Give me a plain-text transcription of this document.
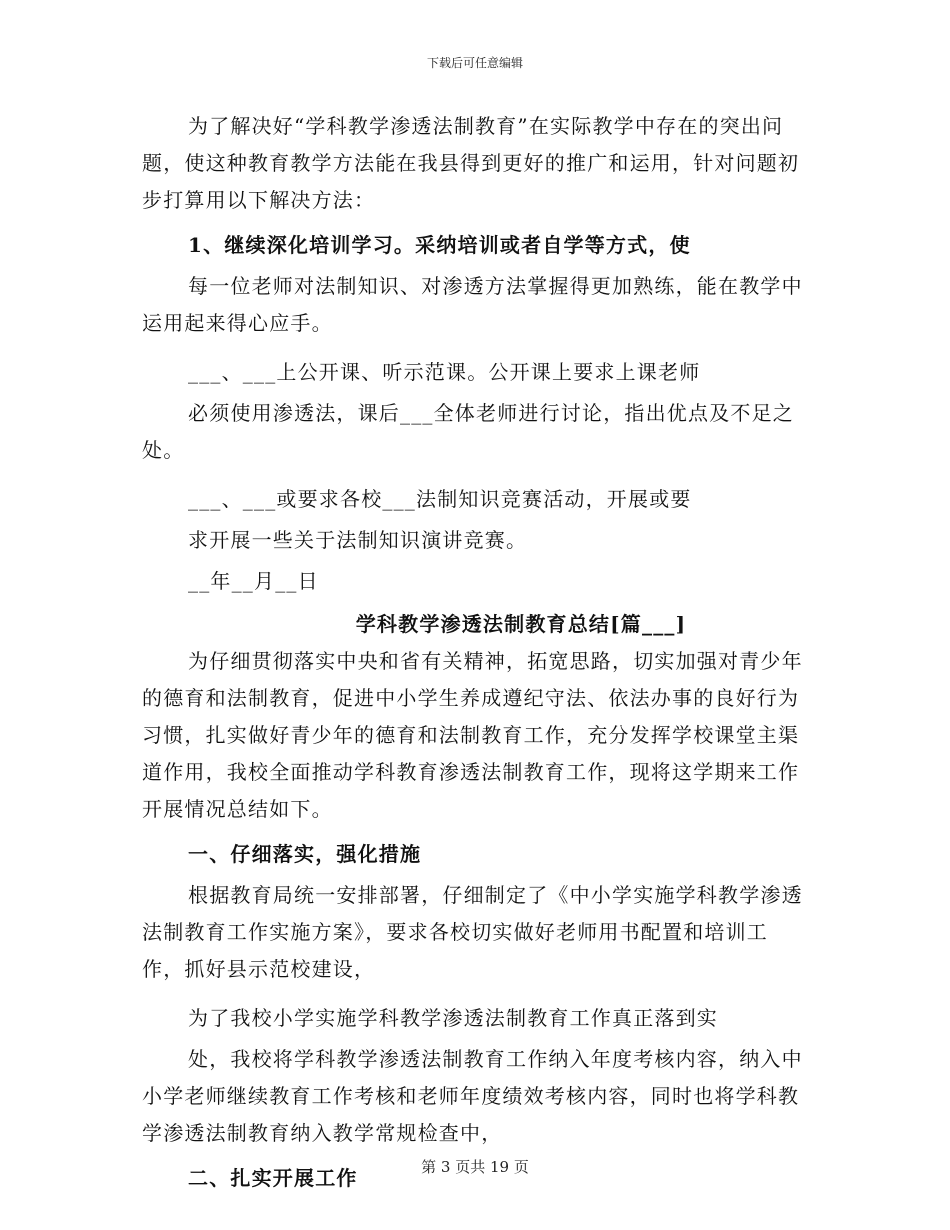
下载后可任意编辑

为了解决好“学科教学渗透法制教育”在实际教学中存在的突出问题，使这种教育教学方法能在我县得到更好的推广和运用，针对问题初步打算用以下解决方法：

1、继续深化培训学习。采纳培训或者自学等方式，使

每一位老师对法制知识、对渗透方法掌握得更加熟练，能在教学中运用起来得心应手。

___、___上公开课、听示范课。公开课上要求上课老师

必须使用渗透法，课后___全体老师进行讨论，指出优点及不足之处。

___、___或要求各校___法制知识竞赛活动，开展或要

求开展一些关于法制知识演讲竞赛。

__年__月__日

学科教学渗透法制教育总结[篇___]

为仔细贯彻落实中央和省有关精神，拓宽思路，切实加强对青少年的德育和法制教育，促进中小学生养成遵纪守法、依法办事的良好行为习惯，扎实做好青少年的德育和法制教育工作，充分发挥学校课堂主渠道作用，我校全面推动学科教育渗透法制教育工作，现将这学期来工作开展情况总结如下。

一、仔细落实，强化措施

根据教育局统一安排部署，仔细制定了《中小学实施学科教学渗透法制教育工作实施方案》，要求各校切实做好老师用书配置和培训工作，抓好县示范校建设，

为了我校小学实施学科教学渗透法制教育工作真正落到实

处，我校将学科教学渗透法制教育工作纳入年度考核内容，纳入中小学老师继续教育工作考核和老师年度绩效考核内容，同时也将学科教学渗透法制教育纳入教学常规检查中，

二、扎实开展工作	第 3 页共 19 页
